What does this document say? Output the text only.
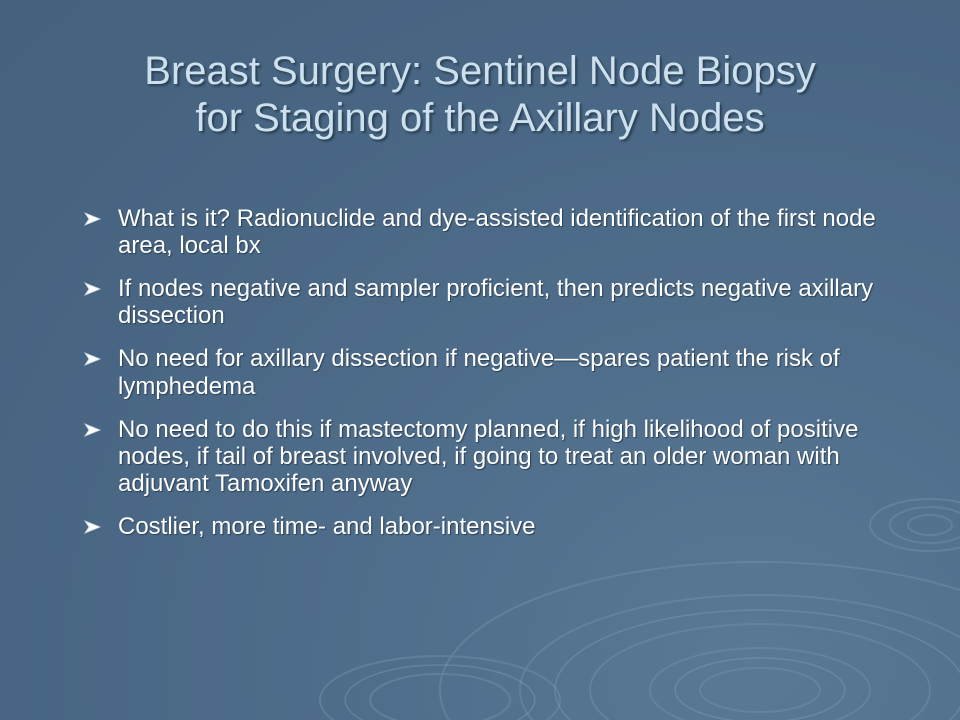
Breast Surgery: Sentinel Node Biopsy
for Staging of the Axillary Nodes
What is it? Radionuclide and dye-assisted identification of the first node area, local bx
If nodes negative and sampler proficient, then predicts negative axillary dissection
No need for axillary dissection if negative—spares patient the risk of lymphedema
No need to do this if mastectomy planned, if high likelihood of positive nodes, if tail of breast involved, if going to treat an older woman with adjuvant Tamoxifen anyway
Costlier, more time- and labor-intensive
